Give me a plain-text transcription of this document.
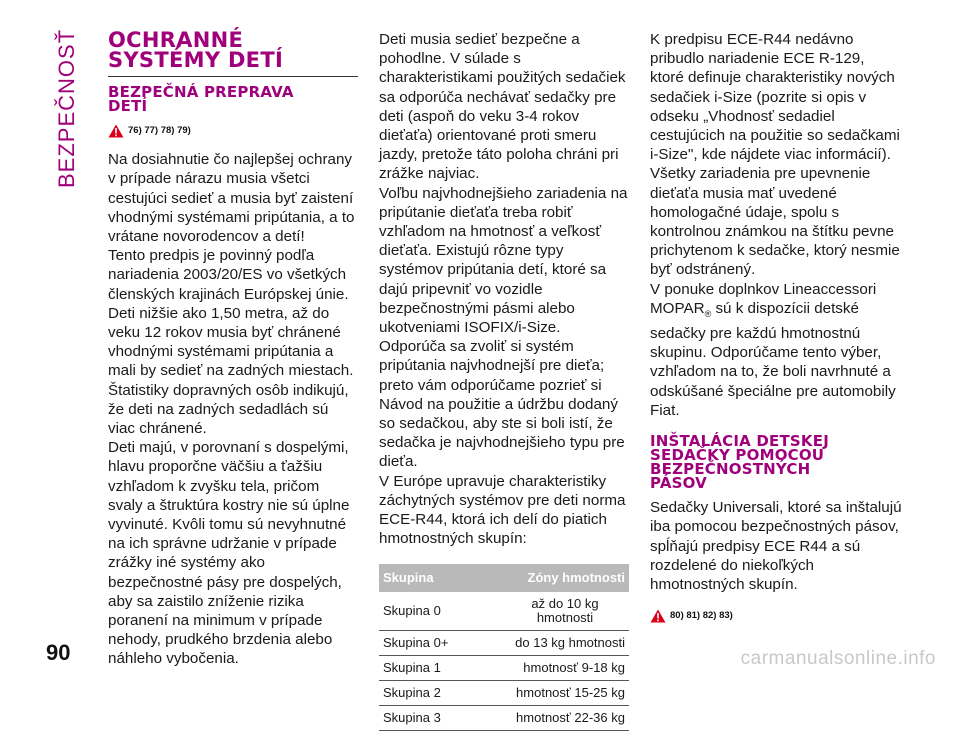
BEZPEČNOSŤ OCHRANNÉ
SYSTÉMY DETÍ
BEZPEČNÁ PREPRAVA
DETÍ
76) 77) 78) 79)

Na dosiahnutie čo najlepšej ochrany v prípade nárazu musia všetci cestujúci sedieť a musia byť zaistení vhodnými systémami pripútania, a to vrátane novorodencov a detí!

Tento predpis je povinný podľa nariadenia 2003/20/ES vo všetkých členských krajinách Európskej únie.

Deti nižšie ako 1,50 metra, až do veku 12 rokov musia byť chránené vhodnými systémami pripútania a mali by sedieť na zadných miestach.

Štatistiky dopravných osôb indikujú, že deti na zadných sedadlách sú viac chránené.

Deti majú, v porovnaní s dospelými, hlavu proporčne väčšiu a ťažšiu vzhľadom k zvyšku tela, pričom svaly a štruktúra kostry nie sú úplne vyvinuté. Kvôli tomu sú nevyhnutné na ich správne udržanie v prípade zrážky iné systémy ako bezpečnostné pásy pre dospelých, aby sa zaistilo zníženie rizika poranení na minimum v prípade nehody, prudkého brzdenia alebo náhleho vybočenia.

Deti musia sedieť bezpečne a pohodlne. V súlade s charakteristikami použitých sedačiek sa odporúča nechávať sedačky pre deti (aspoň do veku 3-4 rokov dieťaťa) orientované proti smeru jazdy, pretože táto poloha chráni pri zrážke najviac.

Voľbu najvhodnejšieho zariadenia na pripútanie dieťaťa treba robiť vzhľadom na hmotnosť a veľkosť dieťaťa. Existujú rôzne typy systémov pripútania detí, ktoré sa dajú pripevniť vo vozidle bezpečnostnými pásmi alebo ukotveniami ISOFIX/i-Size.

Odporúča sa zvoliť si systém pripútania najvhodnejší pre dieťa; preto vám odporúčame pozrieť si Návod na použitie a údržbu dodaný so sedačkou, aby ste si boli istí, že sedačka je najvhodnejšieho typu pre dieťa.

V Európe upravuje charakteristiky záchytných systémov pre deti norma ECE-R44, ktorá ich delí do piatich hmotnostných skupín:

Skupina	Zóny hmotnosti
Skupina 0	až do 10 kg hmotnosti
Skupina 0+	do 13 kg hmotnosti
Skupina 1	hmotnosť 9-18 kg
Skupina 2	hmotnosť 15-25 kg
Skupina 3	hmotnosť 22-36 kg

K predpisu ECE-R44 nedávno pribudlo nariadenie ECE R-129, ktoré definuje charakteristiky nových sedačiek i-Size (pozrite si opis v odseku „Vhodnosť sedadiel cestujúcich na použitie so sedačkami i-Size", kde nájdete viac informácií).

Všetky zariadenia pre upevnenie dieťaťa musia mať uvedené homologačné údaje, spolu s kontrolnou známkou na štítku pevne prichytenom k sedačke, ktorý nesmie byť odstránený.

V ponuke doplnkov Lineaccessori $MOPAR_®$ sú k dispozícii detské sedačky pre každú hmotnostnú skupinu. Odporúčame tento výber, vzhľadom na to, že boli navrhnuté a odskúšané špeciálne pre automobily Fiat.

INŠTALÁCIA DETSKEJ
SEDAČKY POMOCOU
BEZPEČNOSTNÝCH
PÁSOV

Sedačky Universali, ktoré sa inštalujú iba pomocou bezpečnostných pásov, spĺňajú predpisy ECE R44 a sú rozdelené do niekoľkých hmotnostných skupín.

80) 81) 82) 83)
90	carmanualsonline.info
